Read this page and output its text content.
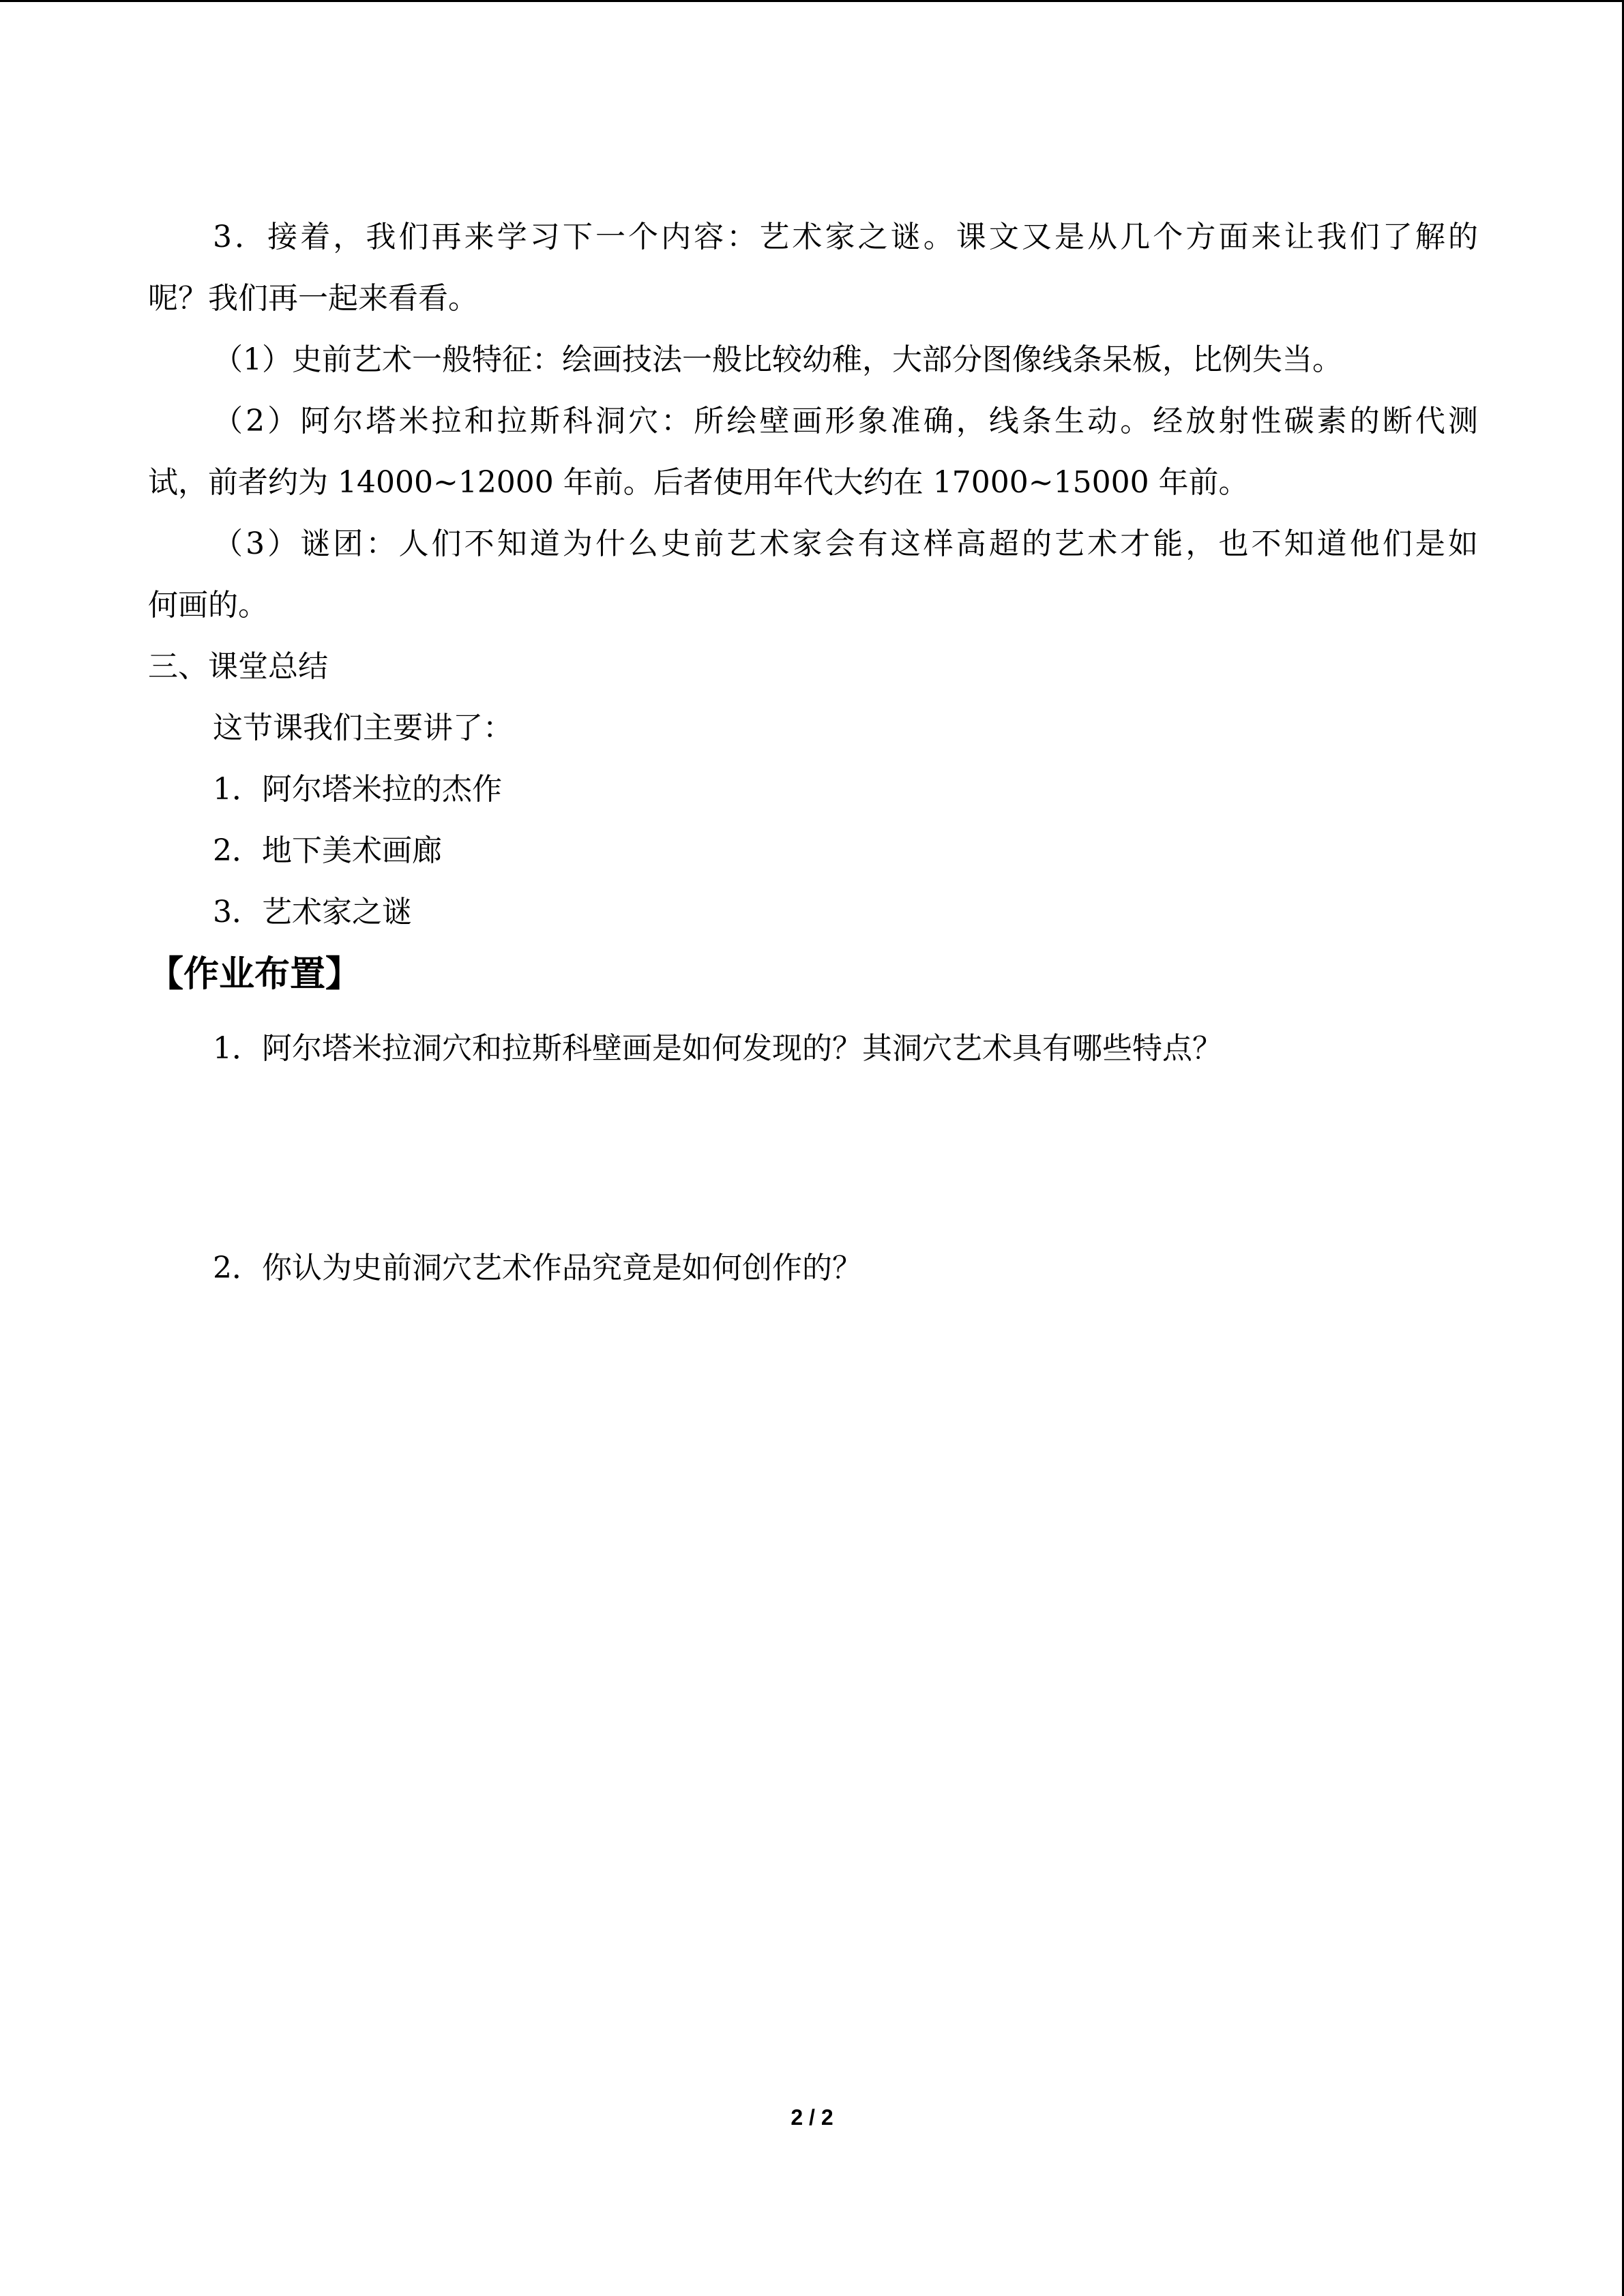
3．接着，我们再来学习下一个内容：艺术家之谜。课文又是从几个方面来让我们了解的

呢？我们再一起来看看。

（1）史前艺术一般特征：绘画技法一般比较幼稚，大部分图像线条呆板，比例失当。

（2）阿尔塔米拉和拉斯科洞穴：所绘壁画形象准确，线条生动。经放射性碳素的断代测

试，前者约为 14000~12000 年前。后者使用年代大约在 17000~15000 年前。

（3）谜团：人们不知道为什么史前艺术家会有这样高超的艺术才能，也不知道他们是如

何画的。

三、课堂总结

这节课我们主要讲了：

1．阿尔塔米拉的杰作

2．地下美术画廊

3．艺术家之谜

【作业布置】

1．阿尔塔米拉洞穴和拉斯科壁画是如何发现的？其洞穴艺术具有哪些特点？

2．你认为史前洞穴艺术作品究竟是如何创作的？

2 / 2
